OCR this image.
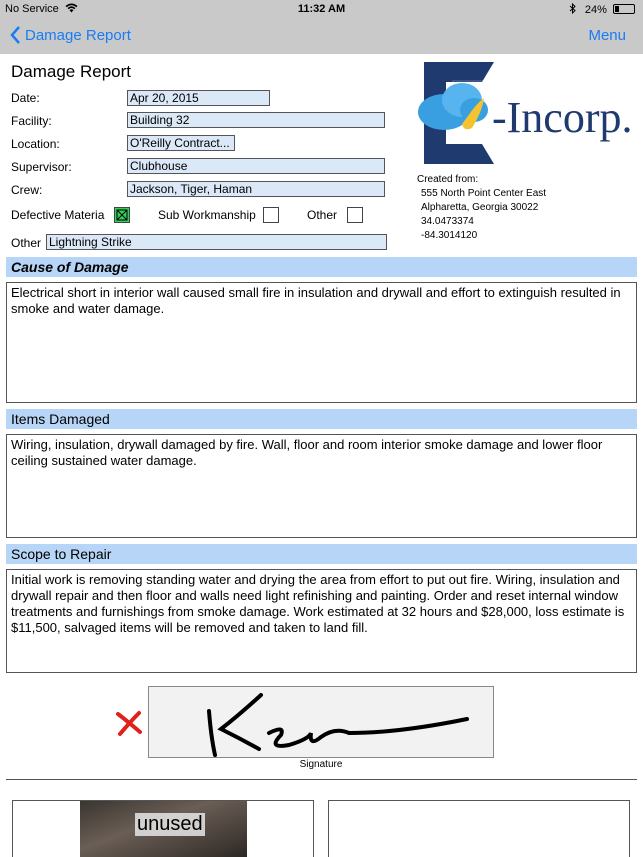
No Service	11:32 AM	24%
Damage Report	Menu
Damage Report
Date:	Apr 20, 2015
Facility:	Building 32
Location:	O'Reilly Contract...
Supervisor:	Clubhouse
Crew:	Jackson, Tiger, Haman
Defective Materia	Sub Workmanship	Other
Other Lightning Strike
-Incorp.
Created from:
555 North Point Center East
Alpharetta, Georgia 30022
34.0473374
-84.3014120
Cause of Damage
Electrical short in interior wall caused small fire in insulation and drywall and effort to extinguish resulted in smoke and water damage.
Items Damaged
Wiring, insulation, drywall damaged by fire. Wall, floor and room interior smoke damage and lower floor ceiling sustained water damage.
Scope to Repair
Initial work is removing standing water and drying the area from effort to put out fire. Wiring, insulation and drywall repair and then floor and walls need light refinishing and painting. Order and reset internal window treatments and furnishings from smoke damage. Work estimated at 32 hours and $28,000, loss estimate is $11,500, salvaged items will be removed and taken to land fill.
Signature
unused
